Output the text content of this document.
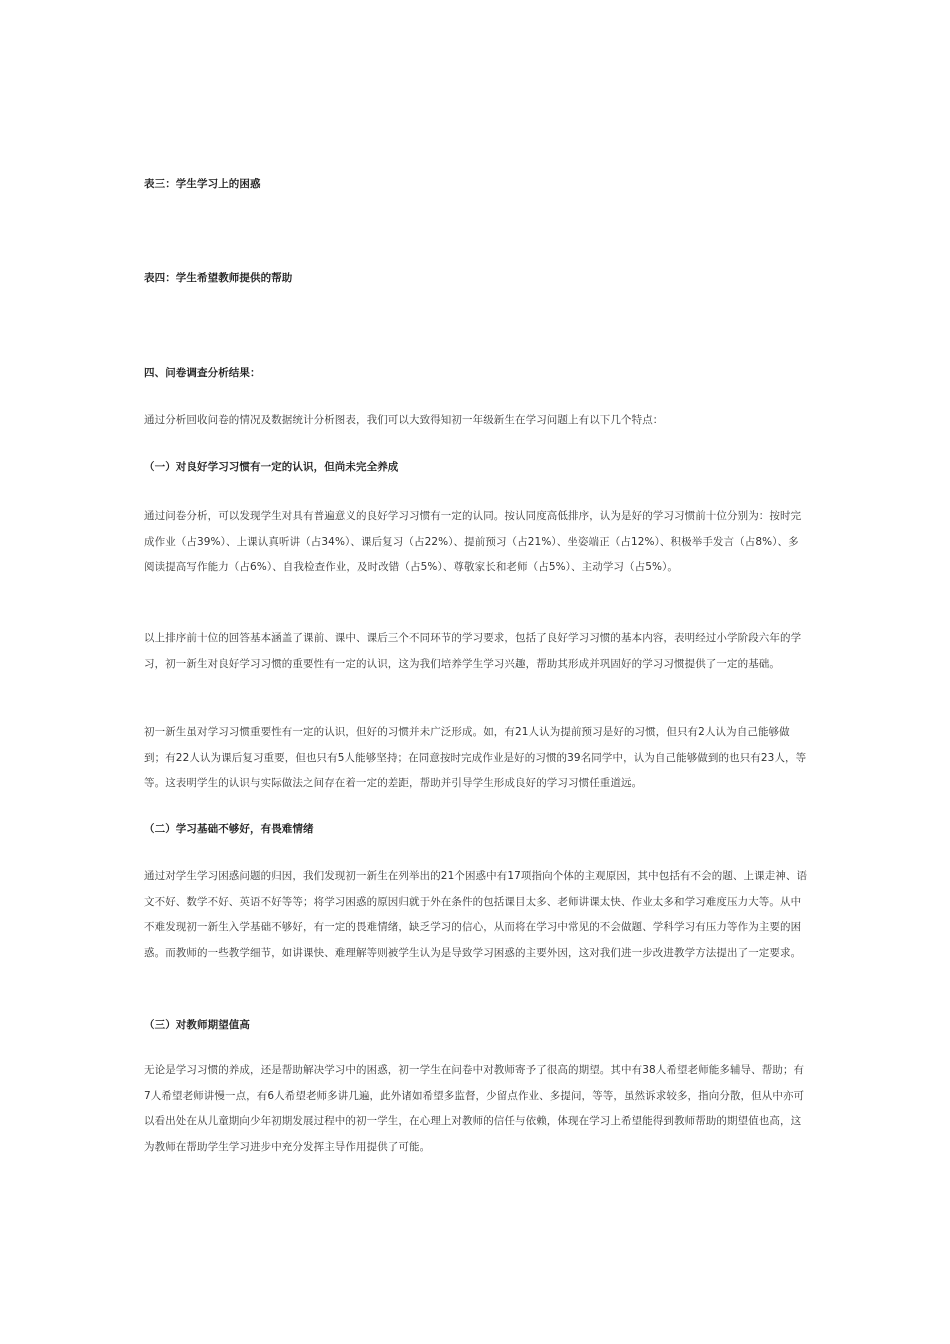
表三：学生学习上的困惑
表四：学生希望教师提供的帮助
四、问卷调查分析结果：
通过分析回收问卷的情况及数据统计分析图表，我们可以大致得知初一年级新生在学习问题上有以下几个特点：
（一）对良好学习习惯有一定的认识，但尚未完全养成
通过问卷分析，可以发现学生对具有普遍意义的良好学习习惯有一定的认同。按认同度高低排序，认为是好的学习习惯前十位分别为：按时完成作业（占39%）、上课认真听讲（占34%）、课后复习（占22%）、提前预习（占21%）、坐姿端正（占12%）、积极举手发言（占8%）、多阅读提高写作能力（占6%）、自我检查作业，及时改错（占5%）、尊敬家长和老师（占5%）、主动学习（占5%）。
以上排序前十位的回答基本涵盖了课前、课中、课后三个不同环节的学习要求，包括了良好学习习惯的基本内容，表明经过小学阶段六年的学习，初一新生对良好学习习惯的重要性有一定的认识，这为我们培养学生学习兴趣，帮助其形成并巩固好的学习习惯提供了一定的基础。
初一新生虽对学习习惯重要性有一定的认识，但好的习惯并未广泛形成。如，有21人认为提前预习是好的习惯，但只有2人认为自己能够做到；有22人认为课后复习重要，但也只有5人能够坚持；在同意按时完成作业是好的习惯的39名同学中，认为自己能够做到的也只有23人，等等。这表明学生的认识与实际做法之间存在着一定的差距，帮助并引导学生形成良好的学习习惯任重道远。
（二）学习基础不够好，有畏难情绪
通过对学生学习困惑问题的归因，我们发现初一新生在列举出的21个困惑中有17项指向个体的主观原因，其中包括有不会的题、上课走神、语文不好、数学不好、英语不好等等；将学习困惑的原因归就于外在条件的包括课目太多、老师讲课太快、作业太多和学习难度压力大等。从中不难发现初一新生入学基础不够好，有一定的畏难情绪，缺乏学习的信心，从而将在学习中常见的不会做题、学科学习有压力等作为主要的困惑。而教师的一些教学细节，如讲课快、难理解等则被学生认为是导致学习困惑的主要外因，这对我们进一步改进教学方法提出了一定要求。
（三）对教师期望值高
无论是学习习惯的养成，还是帮助解决学习中的困惑，初一学生在问卷中对教师寄予了很高的期望。其中有38人希望老师能多辅导、帮助；有7人希望老师讲慢一点，有6人希望老师多讲几遍，此外诸如希望多监督，少留点作业、多提问，等等，虽然诉求较多，指向分散，但从中亦可以看出处在从儿童期向少年初期发展过程中的初一学生，在心理上对教师的信任与依赖，体现在学习上希望能得到教师帮助的期望值也高，这为教师在帮助学生学习进步中充分发挥主导作用提供了可能。
